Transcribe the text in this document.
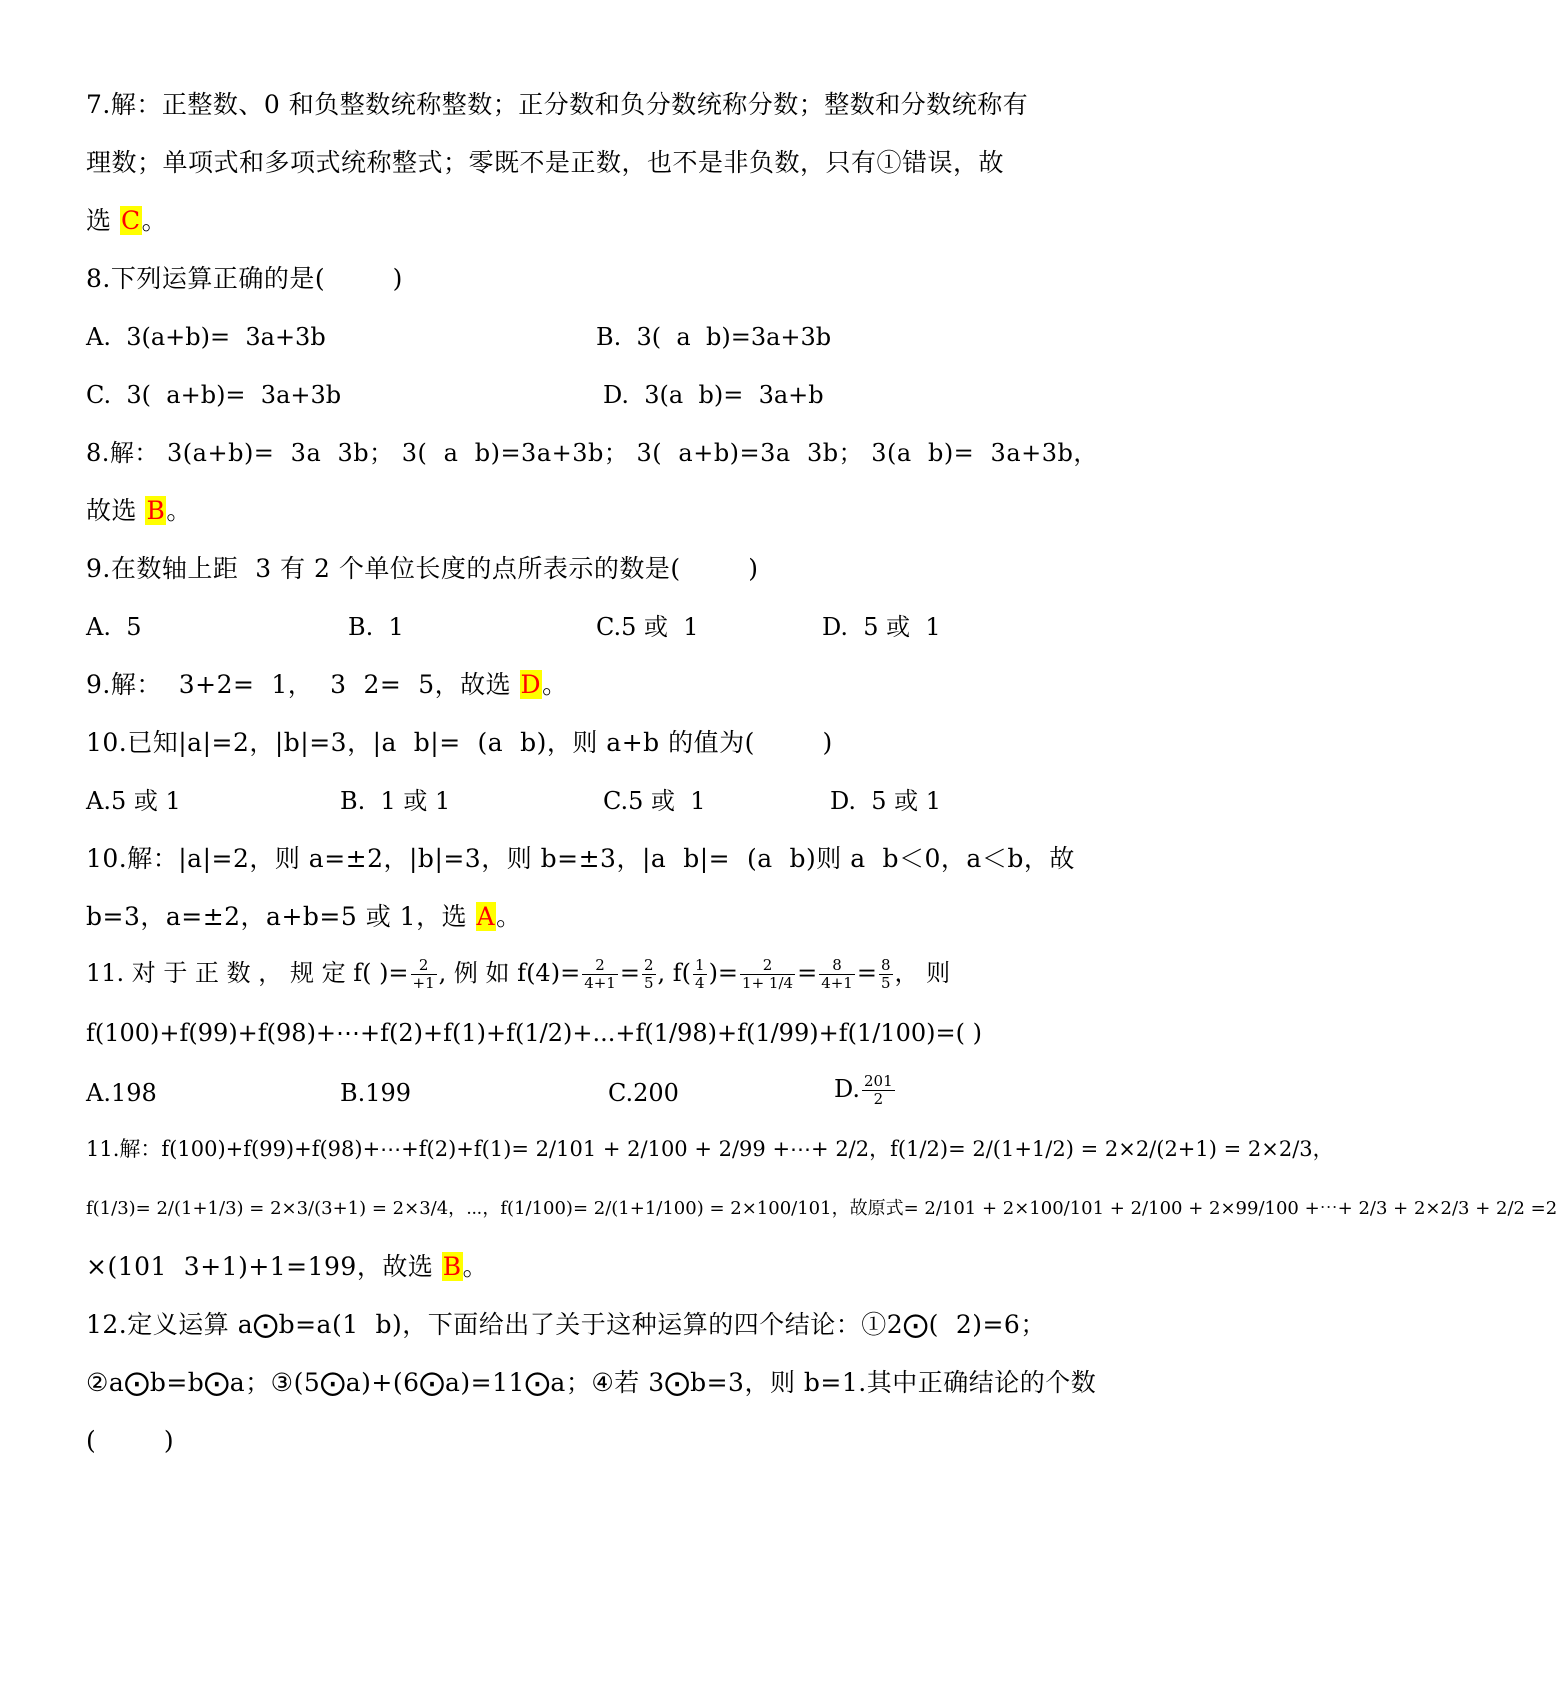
7.解：正整数、0 和负整数统称整数；正分数和负分数统称分数；整数和分数统称有
理数；单项式和多项式统称整式；零既不是正数，也不是非负数，只有①错误，故
选 C。
8.下列运算正确的是(        )
A.  3(a+b)=  3a+3b	B.  3(  a  b)=3a+3b
C.  3(  a+b)=  3a+3b	D.  3(a  b)=  3a+b
8.解： 3(a+b)=  3a  3b； 3(  a  b)=3a+3b； 3(  a+b)=3a  3b； 3(a  b)=  3a+3b，
故选 B。
9.在数轴上距  3 有 2 个单位长度的点所表示的数是(        )
A.  5	B.  1	C.5 或  1	D.  5 或  1
9.解：  3+2=  1，  3  2=  5，故选 D。
10.已知|a|=2，|b|=3，|a  b|=  (a  b)，则 a+b 的值为(        )
A.5 或 1	B.  1 或 1	C.5 或  1	D.  5 或 1
10.解：|a|=2，则 a=±2，|b|=3，则 b=±3，|a  b|=  (a  b)则 a  b＜0，a＜b，故
b=3，a=±2，a+b=5 或 1，选 A。
11. 对 于 正 数 ， 规 定 f( )= $\frac{2}{+1}$ , 例 如 $f(4)= \frac{2}{4+1} = \frac{2}{5}$ , $f( \frac{1}{4}$ )= $\frac{2}{1+ 1/4} = \frac{8}{4+1} = \frac{8}{5}$ ， 则
f(100)+f(99)+f(98)+⋯+f(2)+f(1)+f(1/2)+...+f(1/98)+f(1/99)+f(1/100)=( )
A.198	B.199	C.200	D. $\frac{201}{2}$
11.解：f(100)+f(99)+f(98)+⋯+f(2)+f(1)= 2/101 + 2/100 + 2/99 +⋯+ 2/2，f(1/2)= 2/(1+1/2) = 2×2/(2+1) = 2×2/3，
f(1/3)= 2/(1+1/3) = 2×3/(3+1) = 2×3/4，⋯，f(1/100)= 2/(1+1/100) = 2×100/101，故原式= 2/101 + 2×100/101 + 2/100 + 2×99/100 +⋯+ 2/3 + 2×2/3 + 2/2 =2
×(101  3+1)+1=199，故选 B。
12.定义运算 a⨀b=a(1  b)，下面给出了关于这种运算的四个结论：①2⨀(  2)=6；
②a⨀b=b⨀a；③(5⨀a)+(6⨀a)=11⨀a；④若 3⨀b=3，则 b=1.其中正确结论的个数
(        )
